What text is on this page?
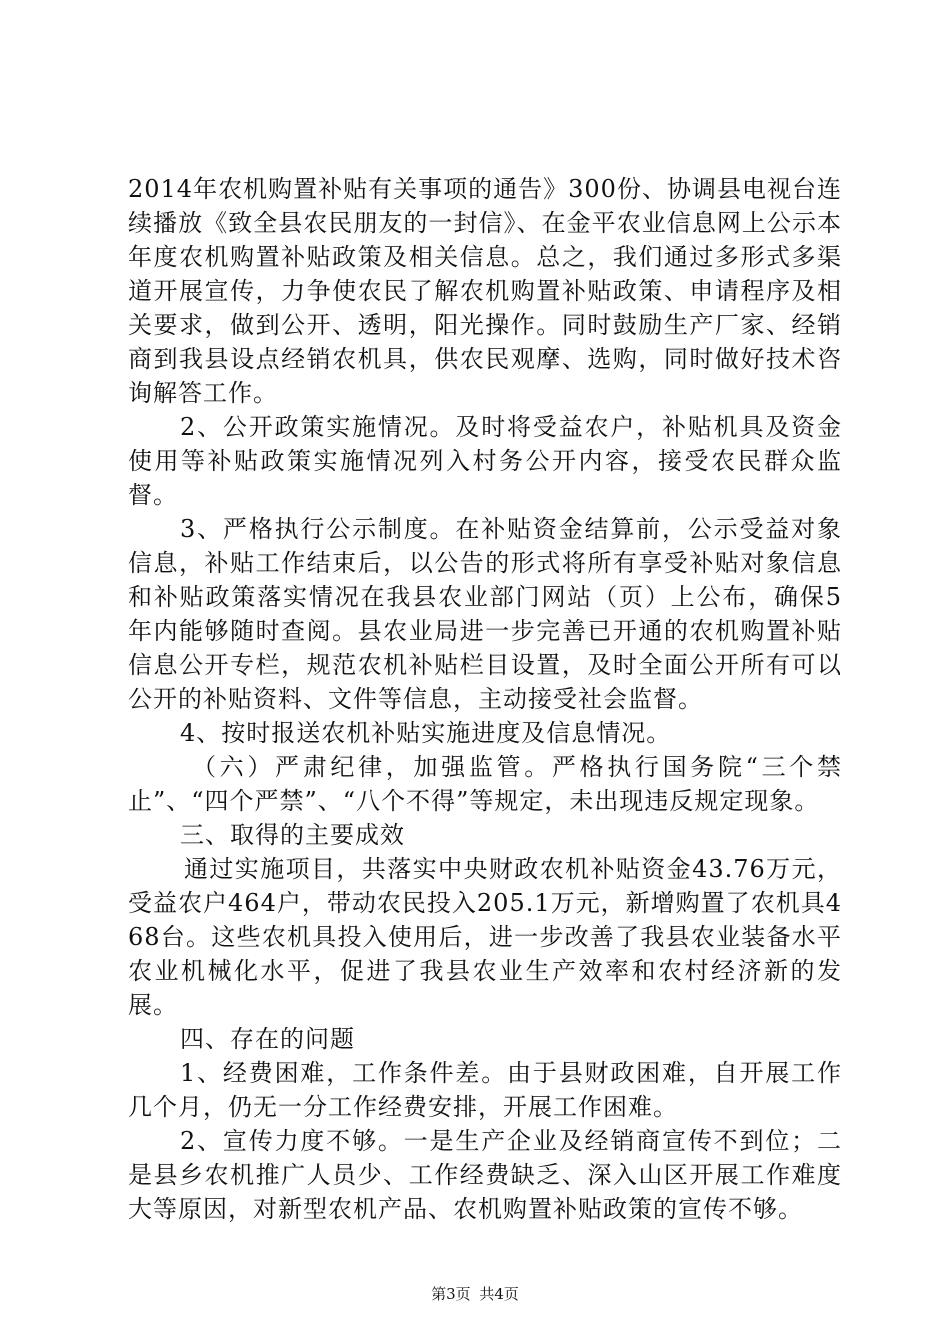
2014年农机购置补贴有关事项的通告》300份、协调县电视台连续播放《致全县农民朋友的一封信》、在金平农业信息网上公示本年度农机购置补贴政策及相关信息。总之，我们通过多形式多渠道开展宣传，力争使农民了解农机购置补贴政策、申请程序及相关要求，做到公开、透明，阳光操作。同时鼓励生产厂家、经销商到我县设点经销农机具，供农民观摩、选购，同时做好技术咨询解答工作。

2、公开政策实施情况。及时将受益农户，补贴机具及资金使用等补贴政策实施情况列入村务公开内容，接受农民群众监督。

3、严格执行公示制度。在补贴资金结算前，公示受益对象信息，补贴工作结束后，以公告的形式将所有享受补贴对象信息和补贴政策落实情况在我县农业部门网站（页）上公布，确保5年内能够随时查阅。县农业局进一步完善已开通的农机购置补贴信息公开专栏，规范农机补贴栏目设置，及时全面公开所有可以公开的补贴资料、文件等信息，主动接受社会监督。

4、按时报送农机补贴实施进度及信息情况。

（六）严肃纪律，加强监管。严格执行国务院“三个禁止”、“四个严禁”、“八个不得”等规定，未出现违反规定现象。

三、取得的主要成效

通过实施项目，共落实中央财政农机补贴资金43.76万元，受益农户464户，带动农民投入205.1万元，新增购置了农机具468台。这些农机具投入使用后，进一步改善了我县农业装备水平农业机械化水平，促进了我县农业生产效率和农村经济新的发展。

四、存在的问题

1、经费困难，工作条件差。由于县财政困难，自开展工作几个月，仍无一分工作经费安排，开展工作困难。

2、宣传力度不够。一是生产企业及经销商宣传不到位；二是县乡农机推广人员少、工作经费缺乏、深入山区开展工作难度大等原因，对新型农机产品、农机购置补贴政策的宣传不够。

第3页 共4页
